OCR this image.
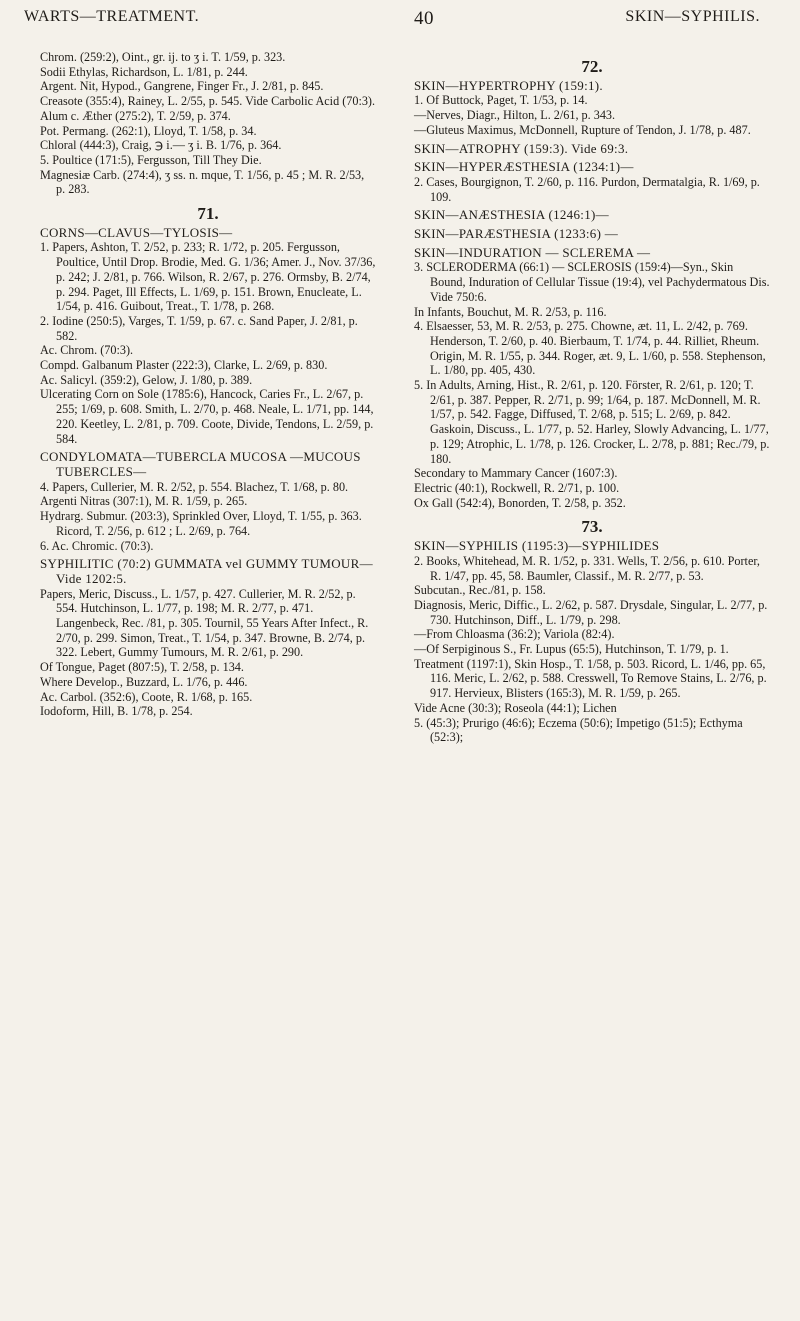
WARTS—TREATMENT.	40	SKIN—SYPHILIS.

Chrom. (259:2), Oint., gr. ij. to ʒ i. T. 1/59, p. 323.

Sodii Ethylas, Richardson, L. 1/81, p. 244.

Argent. Nit, Hypod., Gangrene, Finger Fr., J. 2/81, p. 845.

Creasote (355:4), Rainey, L. 2/55, p. 545. Vide Carbolic Acid (70:3).

Alum c. Æther (275:2), T. 2/59, p. 374.

Pot. Permang. (262:1), Lloyd, T. 1/58, p. 34.

Chloral (444:3), Craig, ℈ i.— ʒ i. B. 1/76, p. 364.

5. Poultice (171:5), Fergusson, Till They Die.

Magnesiæ Carb. (274:4), ʒ ss. n. mque, T. 1/56, p. 45 ; M. R. 2/53, p. 283.

71.

CORNS—CLAVUS—TYLOSIS—

1. Papers, Ashton, T. 2/52, p. 233; R. 1/72, p. 205. Fergusson, Poultice, Until Drop. Brodie, Med. G. 1/36; Amer. J., Nov. 37/36, p. 242; J. 2/81, p. 766. Wilson, R. 2/67, p. 276. Ormsby, B. 2/74, p. 294. Paget, Ill Effects, L. 1/69, p. 151. Brown, Enucleate, L. 1/54, p. 416. Guibout, Treat., T. 1/78, p. 268.

2. Iodine (250:5), Varges, T. 1/59, p. 67. c. Sand Paper, J. 2/81, p. 582.

Ac. Chrom. (70:3).

Compd. Galbanum Plaster (222:3), Clarke, L. 2/69, p. 830.

Ac. Salicyl. (359:2), Gelow, J. 1/80, p. 389.

Ulcerating Corn on Sole (1785:6), Hancock, Caries Fr., L. 2/67, p. 255; 1/69, p. 608. Smith, L. 2/70, p. 468. Neale, L. 1/71, pp. 144, 220. Keetley, L. 2/81, p. 709. Coote, Divide, Tendons, L. 2/59, p. 584.

CONDYLOMATA—TUBERCLA MUCOSA —MUCOUS TUBERCLES—

4. Papers, Cullerier, M. R. 2/52, p. 554. Blachez, T. 1/68, p. 80.

Argenti Nitras (307:1), M. R. 1/59, p. 265.

Hydrarg. Submur. (203:3), Sprinkled Over, Lloyd, T. 1/55, p. 363. Ricord, T. 2/56, p. 612 ; L. 2/69, p. 764.

6. Ac. Chromic. (70:3).

SYPHILITIC (70:2) GUMMATA vel GUMMY TUMOUR—Vide 1202:5.

Papers, Meric, Discuss., L. 1/57, p. 427. Cullerier, M. R. 2/52, p. 554. Hutchinson, L. 1/77, p. 198; M. R. 2/77, p. 471. Langenbeck, Rec. /81, p. 305. Tournil, 55 Years After Infect., R. 2/70, p. 299. Simon, Treat., T. 1/54, p. 347. Browne, B. 2/74, p. 322. Lebert, Gummy Tumours, M. R. 2/61, p. 290.

Of Tongue, Paget (807:5), T. 2/58, p. 134.

Where Develop., Buzzard, L. 1/76, p. 446.

Ac. Carbol. (352:6), Coote, R. 1/68, p. 165.

Iodoform, Hill, B. 1/78, p. 254.

72.

SKIN—HYPERTROPHY (159:1).

1. Of Buttock, Paget, T. 1/53, p. 14.

—Nerves, Diagr., Hilton, L. 2/61, p. 343.

—Gluteus Maximus, McDonnell, Rupture of Tendon, J. 1/78, p. 487.

SKIN—ATROPHY (159:3). Vide 69:3.

SKIN—HYPERÆSTHESIA (1234:1)—

2. Cases, Bourgignon, T. 2/60, p. 116. Purdon, Dermatalgia, R. 1/69, p. 109.

SKIN—ANÆSTHESIA (1246:1)—

SKIN—PARÆSTHESIA (1233:6) —

SKIN—INDURATION — SCLEREMA —

3. SCLERODERMA (66:1) — SCLEROSIS (159:4)—Syn., Skin Bound, Induration of Cellular Tissue (19:4), vel Pachydermatous Dis. Vide 750:6.

In Infants, Bouchut, M. R. 2/53, p. 116.

4. Elsaesser, 53, M. R. 2/53, p. 275. Chowne, æt. 11, L. 2/42, p. 769. Henderson, T. 2/60, p. 40. Bierbaum, T. 1/74, p. 44. Rilliet, Rheum. Origin, M. R. 1/55, p. 344. Roger, æt. 9, L. 1/60, p. 558. Stephenson, L. 1/80, pp. 405, 430.

5. In Adults, Arning, Hist., R. 2/61, p. 120. Förster, R. 2/61, p. 120; T. 2/61, p. 387. Pepper, R. 2/71, p. 99; 1/64, p. 187. McDonnell, M. R. 1/57, p. 542. Fagge, Diffused, T. 2/68, p. 515; L. 2/69, p. 842. Gaskoin, Discuss., L. 1/77, p. 52. Harley, Slowly Advancing, L. 1/77, p. 129; Atrophic, L. 1/78, p. 126. Crocker, L. 2/78, p. 881; Rec./79, p. 180.

Secondary to Mammary Cancer (1607:3).

Electric (40:1), Rockwell, R. 2/71, p. 100.

Ox Gall (542:4), Bonorden, T. 2/58, p. 352.

73.

SKIN—SYPHILIS (1195:3)—SYPHILIDES

2. Books, Whitehead, M. R. 1/52, p. 331. Wells, T. 2/56, p. 610. Porter, R. 1/47, pp. 45, 58. Baumler, Classif., M. R. 2/77, p. 53.

Subcutan., Rec./81, p. 158.

Diagnosis, Meric, Diffic., L. 2/62, p. 587. Drysdale, Singular, L. 2/77, p. 730. Hutchinson, Diff., L. 1/79, p. 298.

—From Chloasma (36:2); Variola (82:4).

—Of Serpiginous S., Fr. Lupus (65:5), Hutchinson, T. 1/79, p. 1.

Treatment (1197:1), Skin Hosp., T. 1/58, p. 503. Ricord, L. 1/46, pp. 65, 116. Meric, L. 2/62, p. 588. Cresswell, To Remove Stains, L. 2/76, p. 917. Hervieux, Blisters (165:3), M. R. 1/59, p. 265.

Vide Acne (30:3); Roseola (44:1); Lichen

5. (45:3); Prurigo (46:6); Eczema (50:6); Impetigo (51:5); Ecthyma (52:3);
